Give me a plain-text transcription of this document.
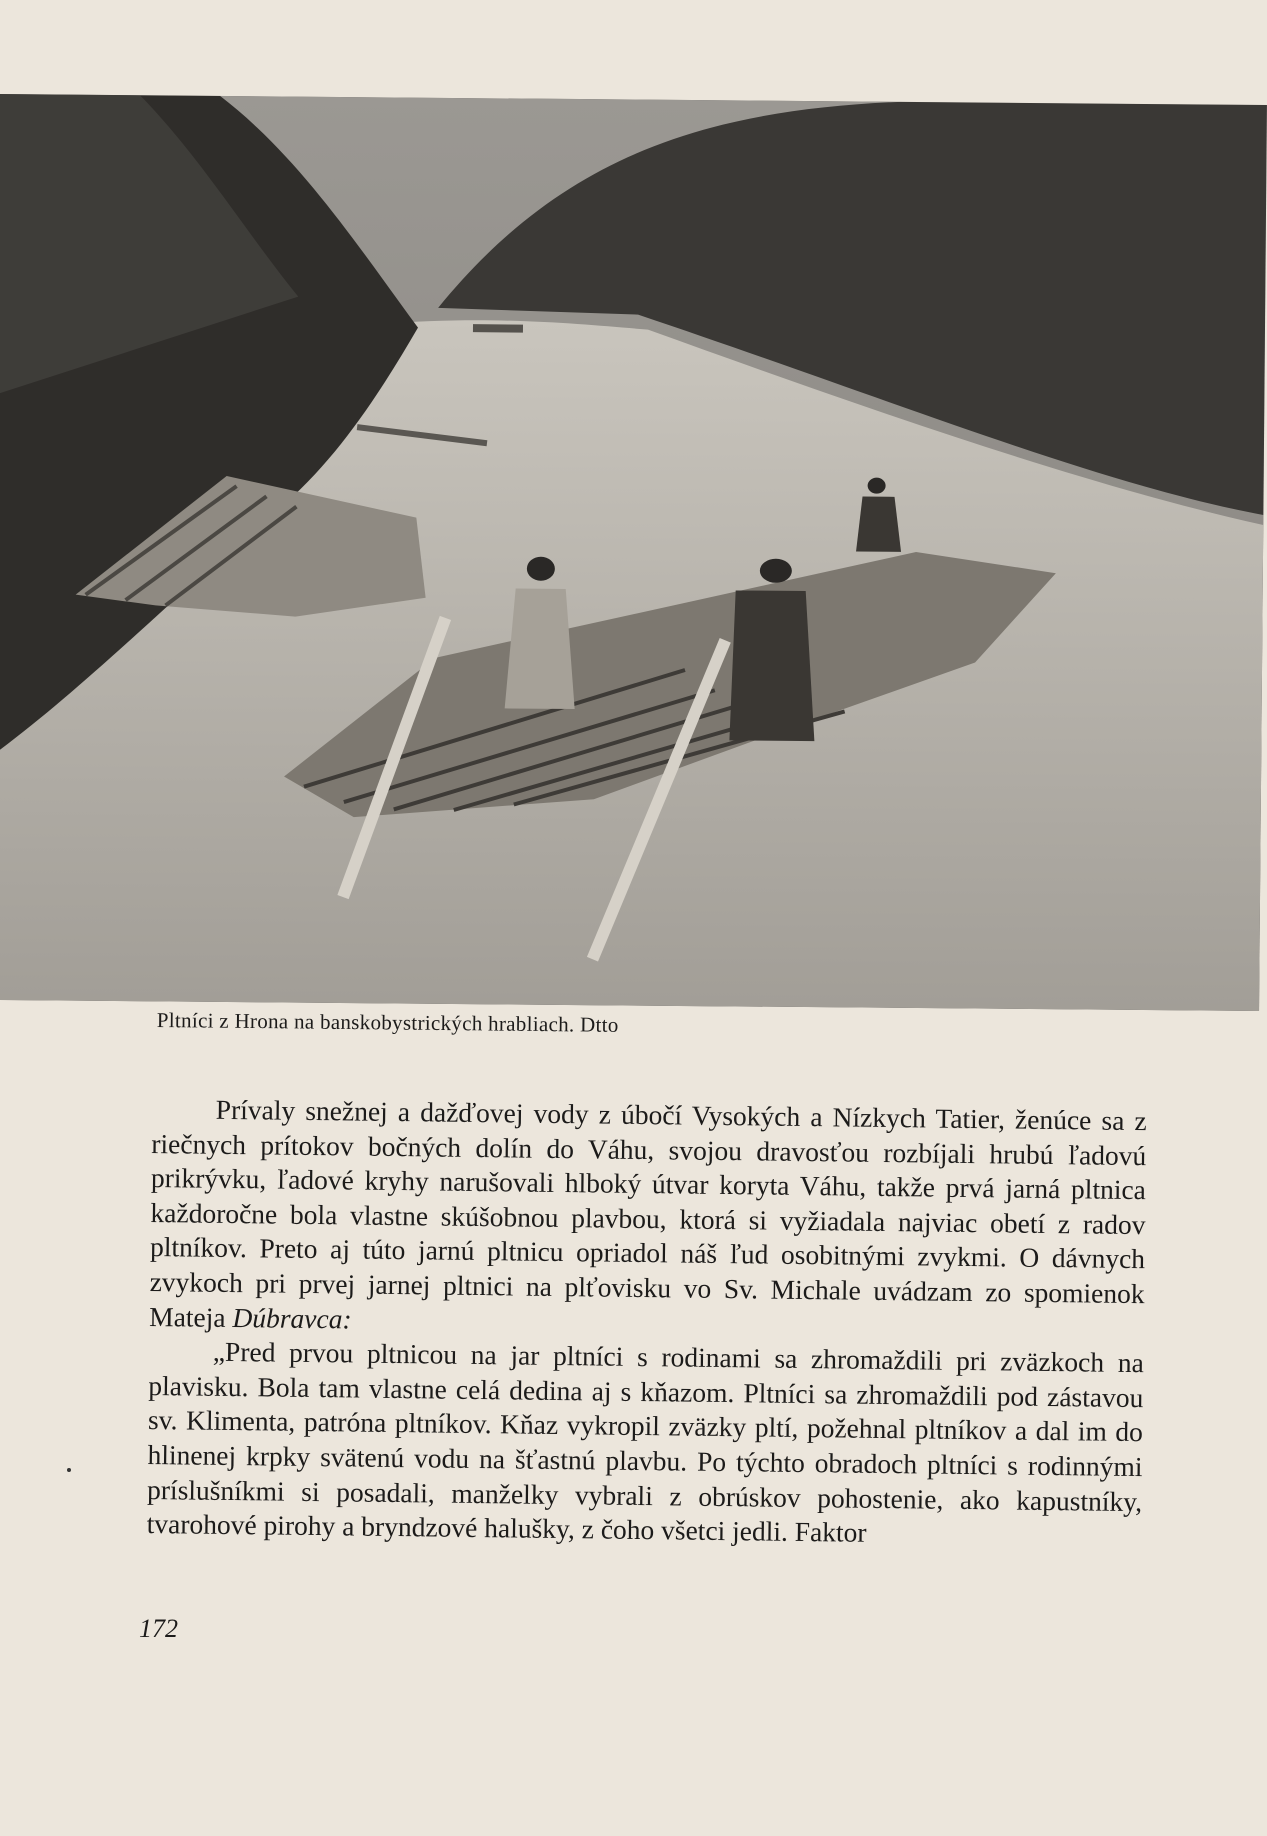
Pltníci z Hrona na banskobystrických hrabliach. Dtto

Prívaly snežnej a dažďovej vody z úbočí Vysokých a Nízkych Tatier, ženúce sa z riečnych prítokov bočných dolín do Váhu, svojou dravosťou rozbíjali hrubú ľadovú prikrývku, ľadové kryhy narušovali hlboký útvar koryta Váhu, takže prvá jarná pltnica každoročne bola vlastne skúšobnou plavbou, ktorá si vyžiadala najviac obetí z radov pltníkov. Preto aj túto jarnú pltnicu opriadol náš ľud osobitnými zvykmi. O dávnych zvykoch pri prvej jarnej pltnici na plťovisku vo Sv. Michale uvádzam zo spomienok Mateja Dúbravca:

„Pred prvou pltnicou na jar pltníci s rodinami sa zhromaždili pri zväzkoch na plavisku. Bola tam vlastne celá dedina aj s kňazom. Pltníci sa zhromaždili pod zástavou sv. Klimenta, patróna pltníkov. Kňaz vykropil zväzky pltí, požehnal pltníkov a dal im do hlinenej krpky svätenú vodu na šťastnú plavbu. Po týchto obradoch pltníci s rodinnými príslušníkmi si posadali, manželky vybrali z obrúskov pohostenie, ako kapustníky, tvarohové pirohy a bryndzové halušky, z čoho všetci jedli. Faktor

172
